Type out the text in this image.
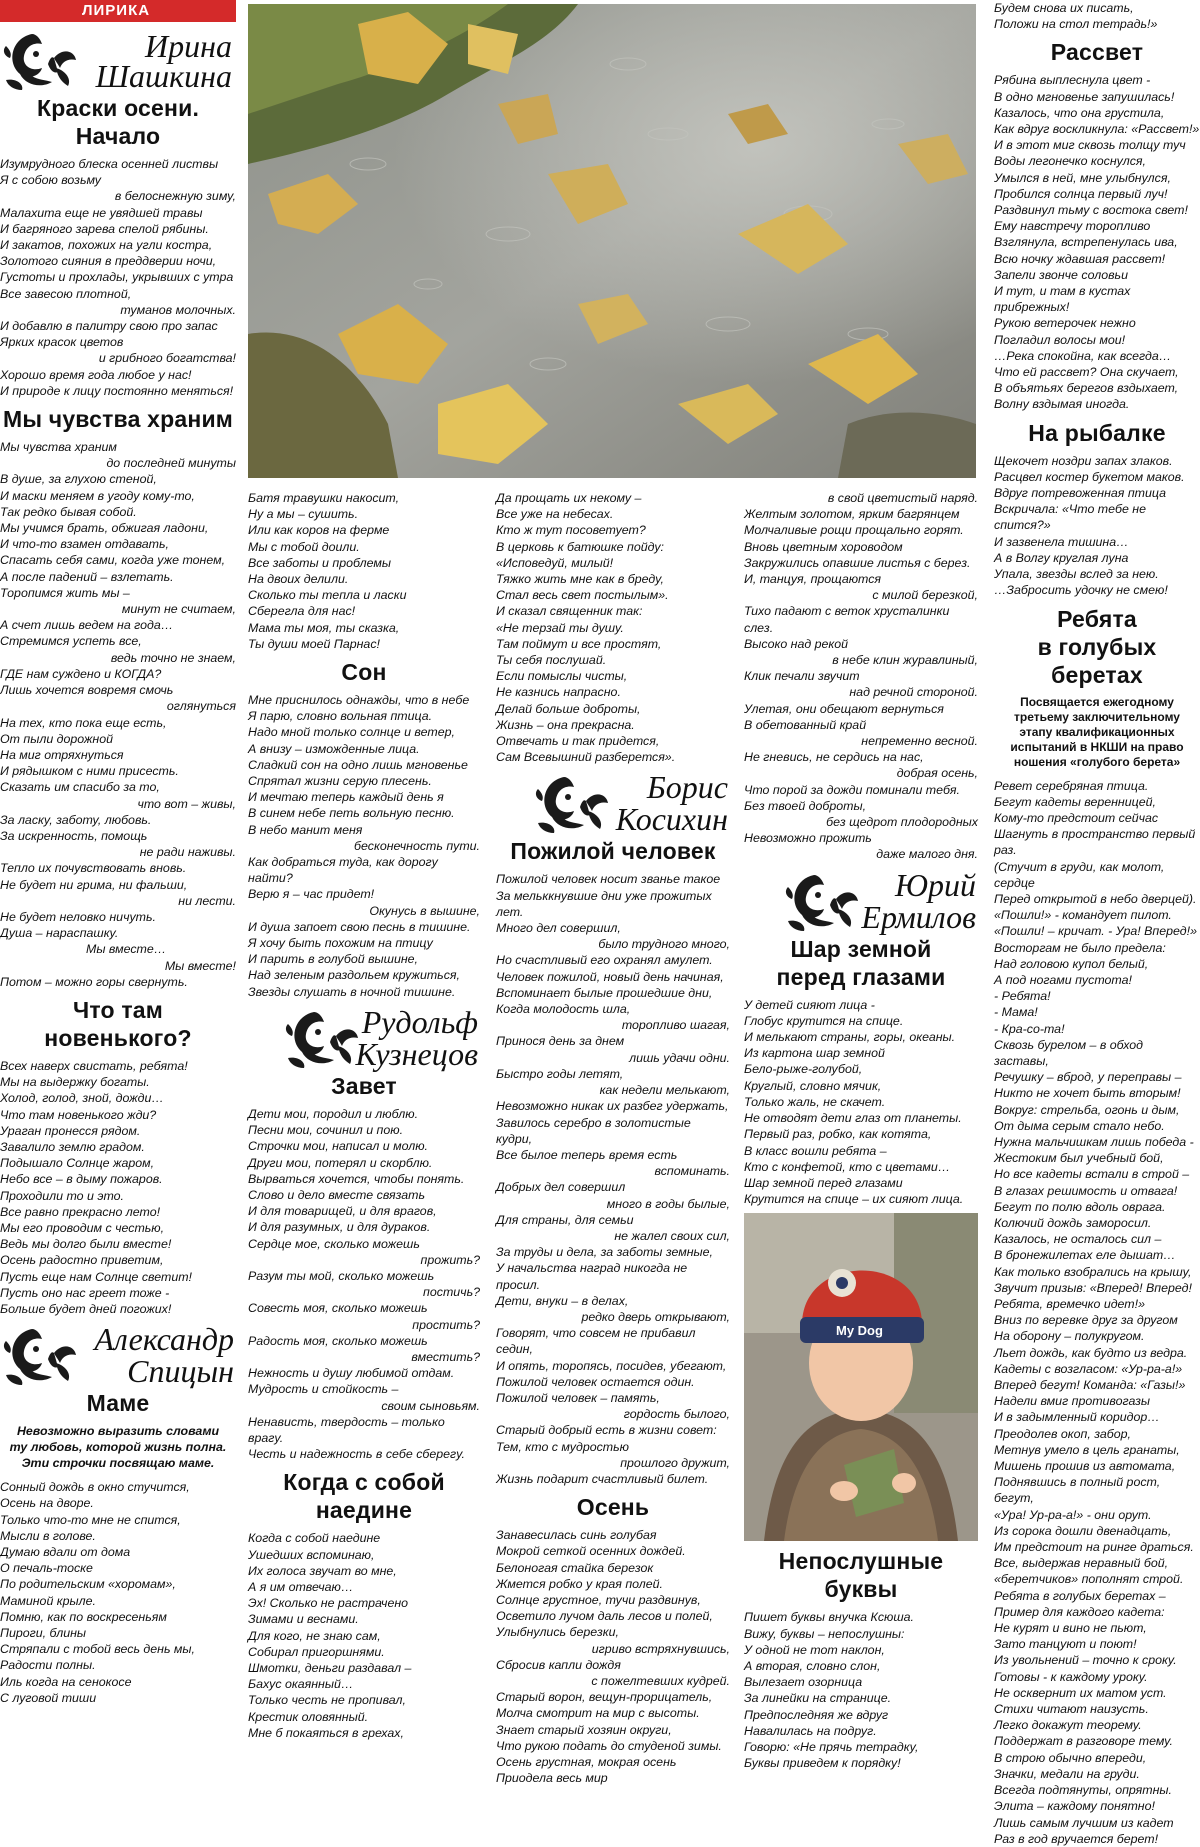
ЛИРИКА
Ирина
Шашкина
Краски осени.
Начало

Изумрудного блеска осенней листвы
Я с собою возьму

в белоснежную зиму,

Малахита еще не увядшей травы
И багряного зарева спелой рябины.
И закатов, похожих на угли костра,
Золотого сияния в преддверии ночи,
Густоты и прохлады, укрывших с утра
Все завесою плотной,

туманов молочных.

И добавлю в палитру свою про запас
Ярких красок цветов

и грибного богатства!

Хорошо время года любое у нас!
И природе к лицу постоянно меняться!

Мы чувства храним

Мы чувства храним

до последней минуты

В душе, за глухою стеной,
И маски меняем в угоду кому-то,
Так редко бывая собой.
Мы учимся брать, обжигая ладони,
И что-то взамен отдавать,
Спасать себя сами, когда уже тонем,
А после падений – взлетать.
Торопимся жить мы –

минут не считаем,

А счет лишь ведем на года…
Стремимся успеть все,

ведь точно не знаем,

ГДЕ нам суждено и КОГДА?
Лишь хочется вовремя смочь

оглянуться

На тех, кто пока еще есть,
От пыли дорожной
На миг отряхнуться
И рядышком с ними присесть.
Сказать им спасибо за то,

что вот – живы,

За ласку, заботу, любовь.
За искренность, помощь

не ради наживы.

Тепло их почувствовать вновь.
Не будет ни грима, ни фальши,

ни лести.

Не будет неловко ничуть.
Душа – нараспашку.

Мы вместе…

Мы вместе!

Потом – можно горы свернуть.

Что там
новенького?

Всех наверх свистать, ребята!
Мы на выдержку богаты.
Холод, голод, зной, дожди…
Что там новенького жди?
Ураган пронесся рядом.
Завалило землю градом.
Подышало Солнце жаром,
Небо все – в дыму пожаров.
Проходили то и это.
Все равно прекрасно лето!
Мы его проводим с честью,
Ведь мы долго были вместе!
Осень радостно приветим,
Пусть еще нам Солнце светит!
Пусть оно нас греет тоже -
Больше будет дней погожих!

Александр
Спицын
Маме
Невозможно выразить словами
ту любовь, которой жизнь полна.
Эти строчки посвящаю маме.

Сонный дождь в окно стучится,
Осень на дворе.
Только что-то мне не спится,
Мысли в голове.
Думаю вдали от дома
О печаль-тоске
По родительским «хоромам»,
Маминой крыле.
Помню, как по воскресеньям
Пироги, блины
Стряпали с тобой весь день мы,
Радости полны.
Иль когда на сенокосе
С луговой тиши

Батя травушки накосит,
Ну а мы – сушить.
Или как коров на ферме
Мы с тобой доили.
Все заботы и проблемы
На двоих делили.
Сколько ты тепла и ласки
Сберегла для нас!
Мама ты моя, ты сказка,
Ты души моей Парнас!

Сон

Мне приснилось однажды, что в небе
Я парю, словно вольная птица.
Надо мной только солнце и ветер,
А внизу – изможденные лица.
Сладкий сон на одно лишь мгновенье
Спрятал жизни серую плесень.
И мечтаю теперь каждый день я
В синем небе петь вольную песню.
В небо манит меня

бесконечность пути.

Как добраться туда, как дорогу найти?
Верю я – час придет!

Окунусь в вышине,

И душа запоет свою песнь в тишине.
Я хочу быть похожим на птицу
И парить в голубой вышине,
Над зеленым раздольем кружиться,
Звезды слушать в ночной тишине.

Рудольф
Кузнецов
Завет

Дети мои, породил и люблю.
Песни мои, сочинил и пою.
Строчки мои, написал и молю.
Други мои, потерял и скорблю.
Вырваться хочется, чтобы понять.
Слово и дело вместе связать
И для товарищей, и для врагов,
И для разумных, и для дураков.
Сердце мое, сколько можешь

прожить?

Разум ты мой, сколько можешь

постичь?

Совесть моя, сколько можешь

простить?

Радость моя, сколько можешь

вместить?

Нежность и душу любимой отдам.
Мудрость и стойкость –

своим сыновьям.

Ненависть, твердость – только врагу.
Честь и надежность в себе сберегу.

Когда с собой
наедине

Когда с собой наедине
Ушедших вспоминаю,
Их голоса звучат во мне,
А я им отвечаю…
Эх! Сколько не растрачено
Зимами и веснами.
Для кого, не знаю сам,
Собирал пригоршнями.
Шмотки, деньги раздавал –
Бахус окаянный…
Только честь не пропивал,
Крестик оловянный.
Мне б покаяться в грехах,

Да прощать их некому –
Все уже на небесах.
Кто ж тут посоветует?
В церковь к батюшке пойду:
«Исповедуй, милый!
Тяжко жить мне как в бреду,
Стал весь свет постылым».
И сказал священник так:
«Не терзай ты душу.
Там поймут и все простят,
Ты себя послушай.
Если помыслы чисты,
Не казнись напрасно.
Делай больше доброты,
Жизнь – она прекрасна.
Отвечать и так придется,
Сам Всевышний разберется».

Борис
Косихин
Пожилой человек

Пожилой человек носит званье такое
За мельккнувшие дни уже прожитых лет.
Много дел совершил,

было трудного много,

Но счастливый его охранял амулет.
Человек пожилой, новый день начиная,
Вспоминает былые прошедшие дни,
Когда молодость шла,

торопливо шагая,

Принося день за днем

лишь удачи одни.

Быстро годы летят,

как недели мелькают,

Невозможно никак их разбег удержать,
Завилось серебро в золотистые кудри,
Все былое теперь время есть

вспоминать.

Добрых дел совершил

много в годы былые,

Для страны, для семьи

не жалел своих сил,

За труды и дела, за заботы земные,
У начальства наград никогда не просил.
Дети, внуки – в делах,

редко дверь открывают,

Говорят, что совсем не прибавил седин,
И опять, торопясь, посидев, убегают,
Пожилой человек остается один.
Пожилой человек – память,

гордость былого,

Старый добрый есть в жизни совет:
Тем, кто с мудростью

прошлого дружит,

Жизнь подарит счастливый билет.

Осень

Занавесилась синь голубая
Мокрой сеткой осенних дождей.
Белоногая стайка березок
Жмется робко у края полей.
Солнце грустное, тучи раздвинув,
Осветило лучом даль лесов и полей,
Улыбнулись березки,

игриво встряхнувшись,

Сбросив капли дождя

с пожелтевших кудрей.

Старый ворон, вещун-прорицатель,
Молча смотрит на мир с высоты.
Знает старый хозяин округи,
Что рукою подать до студеной зимы.
Осень грустная, мокрая осень
Приодела весь мир

в свой цветистый наряд.

Желтым золотом, ярким багрянцем
Молчаливые рощи прощально горят.
Вновь цветным хороводом
Закружились опавшие листья с берез.
И, танцуя, прощаются

с милой березкой,

Тихо падают с веток хрусталинки слез.
Высоко над рекой

в небе клин журавлиный,

Клик печали звучит

над речной стороной.

Улетая, они обещают вернуться
В обетованный край

непременно весной.

Не гневись, не сердись на нас,

добрая осень,

Что порой за дожди поминали тебя.
Без твоей доброты,

без щедрот плодородных

Невозможно прожить

даже малого дня.

Юрий
Ермилов
Шар земной
перед глазами

У детей сияют лица -
Глобус крутится на спице.
И мелькают страны, горы, океаны.
Из картона шар земной
Бело-рыже-голубой,
Круглый, словно мячик,
Только жаль, не скачет.
Не отводят дети глаз от планеты.
Первый раз, робко, как котята,
В класс вошли ребята –
Кто с конфетой, кто с цветами…
Шар земной перед глазами
Крутится на спице – их сияют лица.

My Dog
Непослушные буквы

Пишет буквы внучка Ксюша.
Вижу, буквы – непослушны:
У одной не тот наклон,
А вторая, словно слон,
Вылезает озорница
За линейки на странице.
Предпоследняя же вдруг
Навалилась на подруг.
Говорю: «Не прячь тетрадку,
Буквы приведем к порядку!

Будем снова их писать,
Положи на стол тетрадь!»

Рассвет

Рябина выплеснула цвет -
В одно мгновенье запушилась!
Казалось, что она грустила,
Как вдруг воскликнула: «Рассвет!»
И в этот миг сквозь толщу туч
Воды легонечко коснулся,
Умылся в ней, мне улыбнулся,
Пробился солнца первый луч!
Раздвинул тьму с востока свет!
Ему навстречу торопливо
Взглянула, встрепенулась ива,
Всю ночку ждавшая рассвет!
Запели звонче соловьи
И тут, и там в кустах прибрежных!
Рукою ветерочек нежно
Погладил волосы мои!
…Река спокойна, как всегда…
Что ей рассвет? Она скучает,
В объятьях берегов вздыхает,
Волну вздымая иногда.

На рыбалке

Щекочет ноздри запах злаков.
Расцвел костер букетом маков.
Вдруг потревоженная птица
Вскричала: «Что тебе не спится?»
И зазвенела тишина…
А в Волгу круглая луна
Упала, звезды вслед за нею.
…Забросить удочку не смею!

Ребята
в голубых беретах
Посвящается ежегодному
третьему заключительному
этапу квалификационных
испытаний в НКШИ на право
ношения «голубого берета»

Ревет серебряная птица.
Бегут кадеты веренницей,
Кому-то предстоит сейчас
Шагнуть в пространство первый раз.
(Стучит в груди, как молот, сердце
Перед открытой в небо дверцей).
«Пошли!» - командует пилот.
«Пошли! – кричат. - Ура! Вперед!»
Восторгам не было предела:
Над головою купол белый,
А под ногами пустота!
- Ребята!
- Мама!
- Кра-со-та!
Сквозь бурелом – в обход заставы,
Речушку – вброд, у переправы –
Никто не хочет быть вторым!
Вокруг: стрельба, огонь и дым,
От дыма серым стало небо.
Нужна мальчишкам лишь победа -
Жестоким был учебный бой,
Но все кадеты встали в строй –
В глазах решимость и отвага!
Бегут по полю вдоль оврага.
Колючий дождь заморосил.
Казалось, не осталось сил –
В бронежилетах еле дышат…
Как только взобрались на крышу,
Звучит призыв: «Вперед! Вперед!
Ребята, времечко идет!»
Вниз по веревке друг за другом
На оборону – полукругом.
Льет дождь, как будто из ведра.
Кадеты с возгласом: «Ур-ра-а!»
Вперед бегут! Команда: «Газы!»
Надели вмиг противогазы
И в задымленный коридор…
Преодолев окоп, забор,
Метнув умело в цель гранаты,
Мишень прошив из автомата,
Поднявшись в полный рост, бегут,
«Ура! Ур-ра-а!» - они орут.
Из сорока дошли двенадцать,
Им предстоит на ринге драться.
Все, выдержав неравный бой,
«беретчиков» пополнят строй.
Ребята в голубых беретах –
Пример для каждого кадета:
Не курят и вино не пьют,
Зато танцуют и поют!
Из увольнений – точно к сроку.
Готовы - к каждому уроку.
Не осквернит их матом уст.
Стихи читают наизусть.
Легко докажут теорему.
Поддержат в разговоре тему.
В строю обычно впереди,
Значки, медали на груди.
Всегда подтянуты, опрятны.
Элита – каждому понятно!
Лишь самым лучшим из кадет
Раз в год вручается берет!
